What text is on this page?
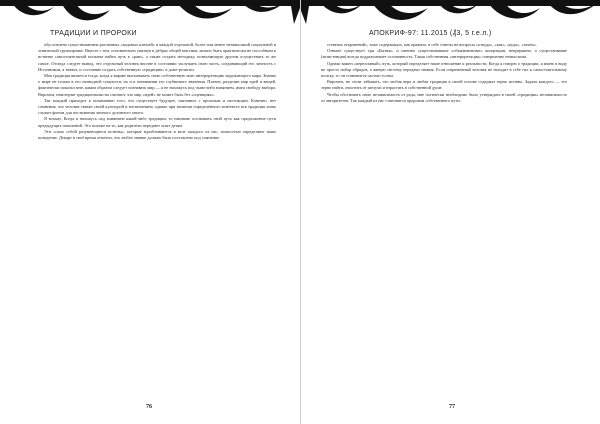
ТРАДИЦИИ И ПРОРОКИ

обусловлено существованием различных «кодовых ключей» в каждой отдельной, более или менее независимой социальной и этнической группировке. Вместе с тем, основательно увязнув в дебрях общей мистики, можно быть практически не способным к истинно самостоятельной попытке найти путь к «раю», а также создать методику, позволяющую другим осуществить то же самое. Отсюда следует вывод, что отдельный человек вполне в состоянии заслужить свою часть, соединяющий его личность с Источником, а значит, и состояние создать собственную «традицию» в доме-религии.

Моя традиция является тогда, когда я вправе высказывать свою собственную мою интерпретацию окружающего мира. Знание о мире не только в его очевидной сущности, но и в понимании его глубинного значения. Платон, разделив мир идей и вещей, фактически показал мне, каким образом следует познавать мир — я не нахожусь под чьим-либо влиянием, имея свободу выбора. Впрочем, некоторые традиционалисты считают, что мир «идей» не может быть без «оценщика».

Так каждый приходит к пониманию того, что существует будущее, связанное с прошлым и настоящим. Конечно, нет сомнения, что человек связан своей культурой и воспитанием, однако при наличии определённого контекста вся традиция лишь служит фоном для постижения личного духовного опыта.

Я возьму. Когда я нахожусь под влиянием какой-либо традиции, то начинаю осознавать свой путь как продолжение пути предыдущих поколений. Это похоже на то, как родители передают опыт детям.

Эти «само собой разумеющиеся истины», которые вдалбливаются в мозг каждого из нас, полностью определяют наше поведение. Декарт в своё время отметил, что любое знание должно быть поставлено под сомнение.

76
АПОКРИФ-97: 11.2015 (₰3, 5 г.е.л.)

стемных откровений», тоже содержащих, как правило, в себе ответы на вопросы «откуда», «как», «куда», «зачем».

Отныне существует три «Бытия», и именно существовавшие «обыкновенные» концепции, непрерывно, а существование (экзистенция) всегда подразумевает осознанность. Такая собственная «интерпретация» совершенно немыслима.

Однако важен «переломный» путь, который определяет наше отношение к реальности. Когда я говорю о традиции, я имею в виду не просто набор обрядов, а живую систему передачи знания. Если современный человек не находит в себе сил к самостоятельному поиску, то он становится частью толпы.

Впрочем, не стоит забывать, что любая вера и любая традиция в своей основе содержат зерно истины. Задача каждого — это зерно найти, очистить от шелухи и взрастить в собственной душе.

Чтобы обосновать свою независимость от рода, мне логически необходимо было утверждать в своей «традиции» независимость от авторитетов. Так каждый из нас становится пророком собственного пути.

77
